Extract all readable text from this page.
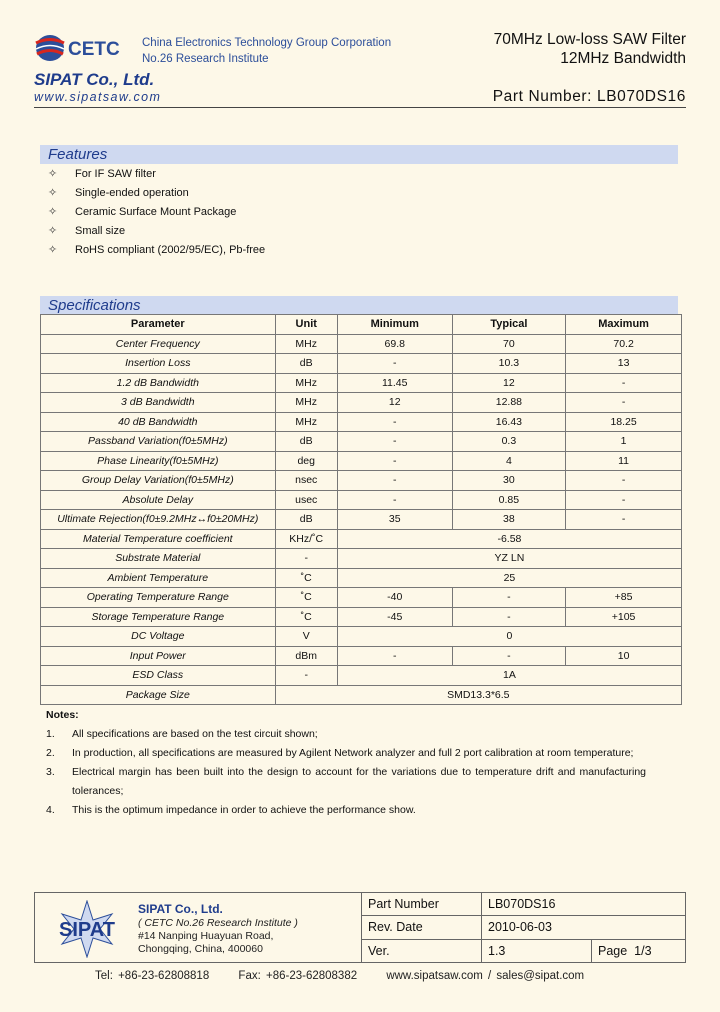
CETC China Electronics Technology Group Corporation
No.26 Research Institute
70MHz Low-loss SAW Filter
12MHz Bandwidth
SIPAT Co., Ltd.
www.sipatsaw.com	Part Number: LB070DS16
Features
✧	For IF SAW filter
✧	Single-ended operation
✧	Ceramic Surface Mount Package
✧	Small size
✧	RoHS compliant (2002/95/EC), Pb-free
Specifications
Parameter	Unit	Minimum	Typical	Maximum
Center Frequency	MHz	69.8	70	70.2
Insertion Loss	dB	-	10.3	13
1.2 dB Bandwidth	MHz	11.45	12	-
3 dB Bandwidth	MHz	12	12.88	-
40 dB Bandwidth	MHz	-	16.43	18.25
Passband Variation(f0±5MHz)	dB	-	0.3	1
Phase Linearity(f0±5MHz)	deg	-	4	11
Group Delay Variation(f0±5MHz)	nsec	-	30	-
Absolute Delay	usec	-	0.85	-
Ultimate Rejection(f0±9.2MHz↔f0±20MHz)	dB	35	38	-
Material Temperature coefficient	KHz/˚C	-6.58		
Substrate Material	-	YZ LN		
Ambient Temperature	˚C	25		
Operating Temperature Range	˚C	-40	-	+85
Storage Temperature Range	˚C	-45	-	+105
DC Voltage	V	0		
Input Power	dBm	-	-	10
ESD Class	-	1A		
Package Size	SMD13.3*6.5			
Notes:
1.	All specifications are based on the test circuit shown;
2.	In production, all specifications are measured by Agilent Network analyzer and full 2 port calibration at room temperature;
3.	Electrical margin has been built into the design to account for the variations due to temperature drift and manufacturing tolerances;
4.	This is the optimum impedance in order to achieve the performance show.
SIPAT
SIPAT Co., Ltd.
( CETC No.26 Research Institute )
#14 Nanping Huayuan Road,
Chongqing, China, 400060
Part Number	LB070DS16	
Rev. Date	2010-06-03	
Ver.	1.3	Page 1/3
Tel: +86-23-62808818	Fax: +86-23-62808382	www.sipatsaw.com / sales@sipat.com
